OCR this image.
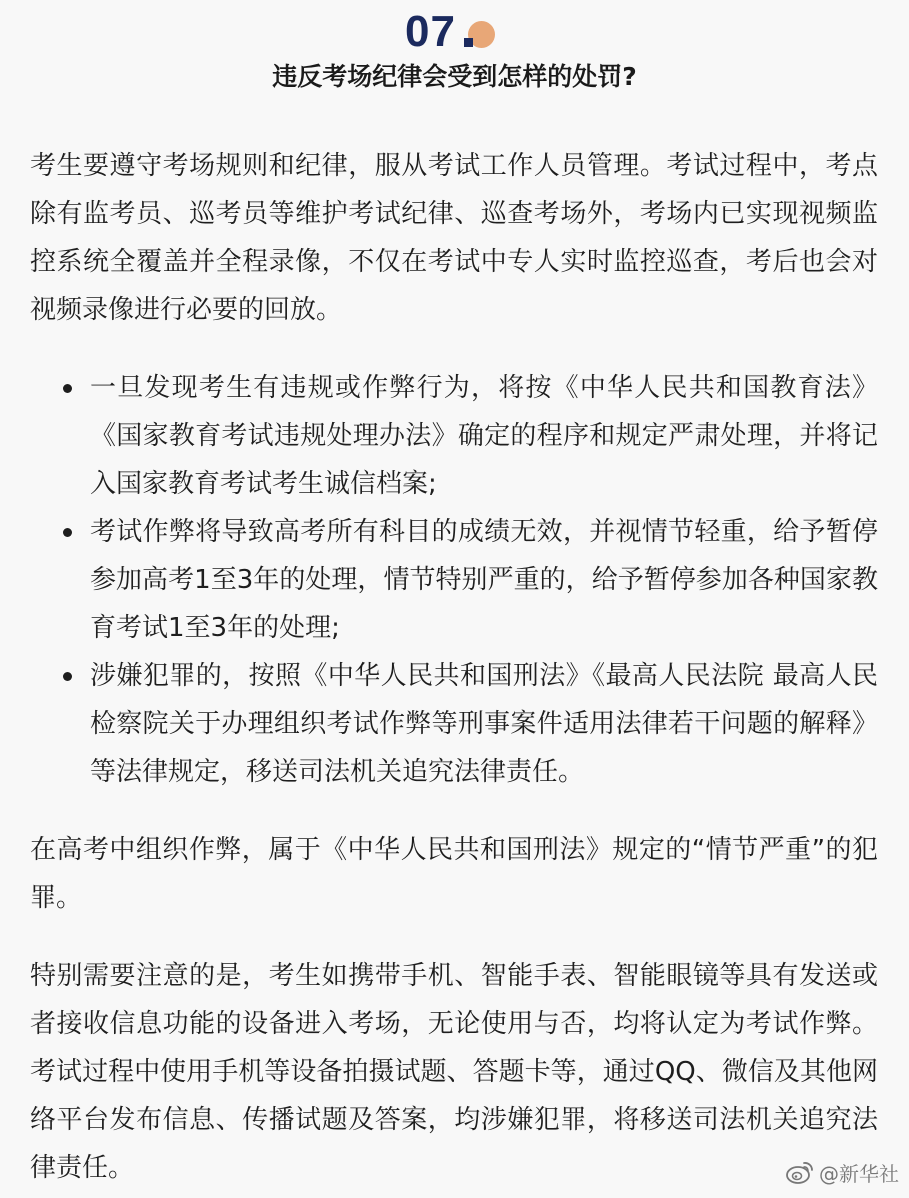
07
违反考场纪律会受到怎样的处罚?

考生要遵守考场规则和纪律，服从考试工作人员管理。考试过程中，考点除有监考员、巡考员等维护考试纪律、巡查考场外，考场内已实现视频监控系统全覆盖并全程录像，不仅在考试中专人实时监控巡查，考后也会对视频录像进行必要的回放。

一旦发现考生有违规或作弊行为，将按《中华人民共和国教育法》《国家教育考试违规处理办法》确定的程序和规定严肃处理，并将记入国家教育考试考生诚信档案;
考试作弊将导致高考所有科目的成绩无效，并视情节轻重，给予暂停参加高考1至3年的处理，情节特别严重的，给予暂停参加各种国家教育考试1至3年的处理;
涉嫌犯罪的，按照《中华人民共和国刑法》《最高人民法院 最高人民检察院关于办理组织考试作弊等刑事案件适用法律若干问题的解释》等法律规定，移送司法机关追究法律责任。

在高考中组织作弊，属于《中华人民共和国刑法》规定的“情节严重”的犯罪。

特别需要注意的是，考生如携带手机、智能手表、智能眼镜等具有发送或者接收信息功能的设备进入考场，无论使用与否，均将认定为考试作弊。考试过程中使用手机等设备拍摄试题、答题卡等，通过QQ、微信及其他网络平台发布信息、传播试题及答案，均涉嫌犯罪，将移送司法机关追究法律责任。	@新华社
